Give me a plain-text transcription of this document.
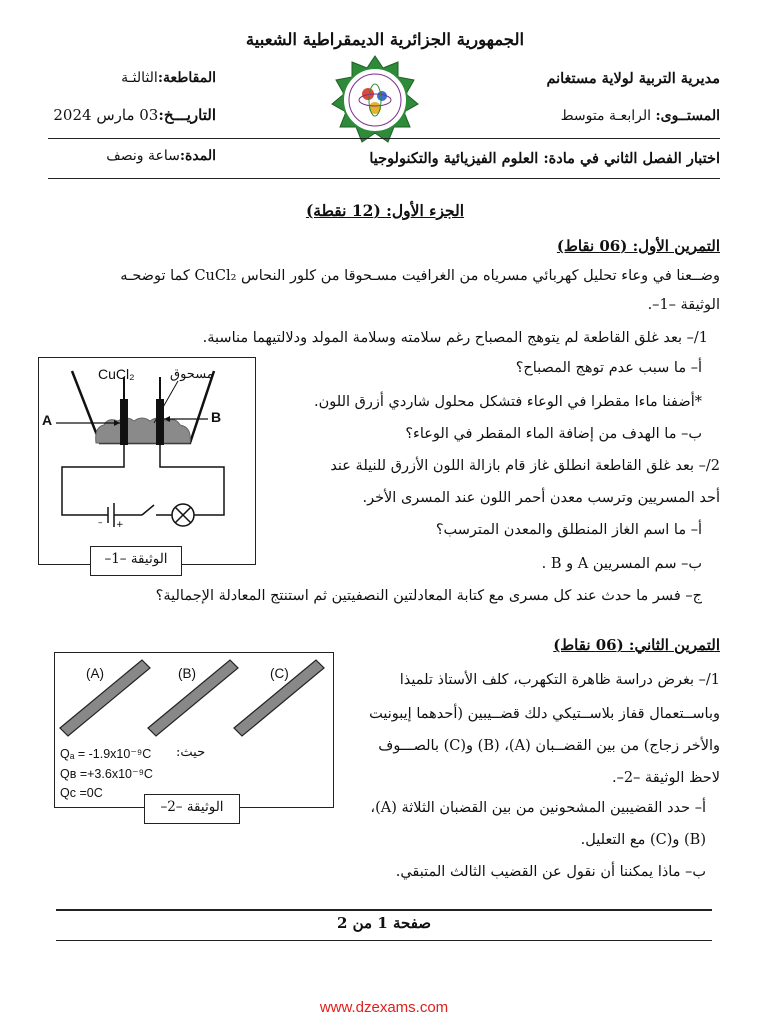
الجمهورية الجزائرية الديمقراطية الشعبية
مديرية التربية لولاية مستغانم
المقاطعة:الثالثـة
المستــوى: الرابعـة متوسط
التاريـــخ:03 مارس 2024
اختبار الفصل الثاني في مادة: العلوم الفيزيائية والتكنولوجيا
المدة:ساعة ونصف
الجزء الأول: (12 نقطة)
التمرين الأول: (06 نقاط)
وضــعنا في وعاء تحليل كهربائي مسرياه من الغرافيت مسـحوقا من كلور النحاس CuCl₂ كما توضحـه
الوثيقة –1–.
1/– بعد غلق القاطعة لم يتوهج المصباح رغم سلامته وسلامة المولد ودلالتيهما مناسبة.
أ– ما سبب عدم توهج المصباح؟
*أضفنا ماءا مقطرا في الوعاء فتشكل محلول شاردي أزرق اللون.
ب– ما الهدف من إضافة الماء المقطر في الوعاء؟
2/– بعد غلق القاطعة انطلق غاز قام بازالة اللون الأزرق للنيلة عند
أحد المسريين وترسب معدن أحمر اللون عند المسرى الأخر.
أ– ما اسم الغاز المنطلق والمعدن المترسب؟
ب– سم المسريين A و B .
ج– فسر ما حدث عند كل مسرى مع كتابة المعادلتين النصفيتين ثم استنتج المعادلة الإجمالية؟
– +
CuCl₂	مسحوق
A	B
الوثيقة –1–
التمرين الثاني: (06 نقاط)
1/– بغرض دراسة ظاهرة التكهرب، كلف الأستاذ تلميذا
وباســتعمال قفاز بلاســتيكي دلك قضــيبين (أحدهما إيبونيت
والأخر زجاج) من بين القضــبان (A)، (B) و(C) بالصـــوف
لاحظ الوثيقة –2–.
أ– حدد القضيبين المشحونين من بين القضبان الثلاثة (A)،
(B) و(C) مع التعليل.
ب– ماذا يمكننا أن نقول عن القضيب الثالث المتبقي.
(A)	(B)	(C)
حيث:
Qₐ = -1.9x10⁻⁹C
Qʙ =+3.6x10⁻⁹C
Qᴄ =0C
الوثيقة –2–
صفحة 1 من 2
www.dzexams.com
